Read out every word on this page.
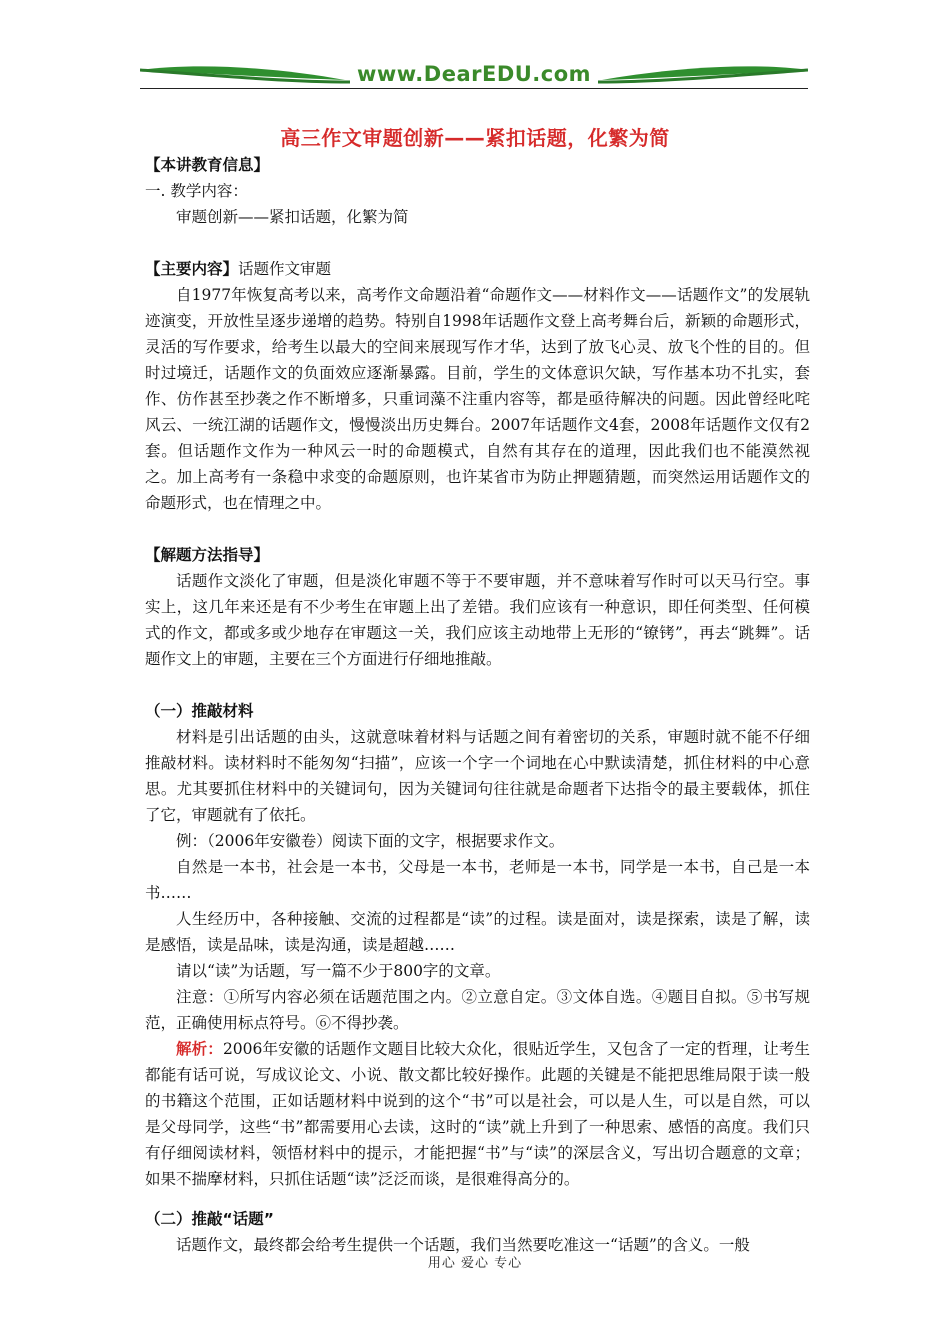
www.DearEDU.com
高三作文审题创新——紧扣话题，化繁为简

【本讲教育信息】

一. 教学内容：

审题创新——紧扣话题，化繁为简

【主要内容】话题作文审题

自1977年恢复高考以来，高考作文命题沿着“命题作文——材料作文——话题作文”的发展轨迹演变，开放性呈逐步递增的趋势。特别自1998年话题作文登上高考舞台后，新颖的命题形式，灵活的写作要求，给考生以最大的空间来展现写作才华，达到了放飞心灵、放飞个性的目的。但时过境迁，话题作文的负面效应逐渐暴露。目前，学生的文体意识欠缺，写作基本功不扎实，套作、仿作甚至抄袭之作不断增多，只重词藻不注重内容等，都是亟待解决的问题。因此曾经叱咤风云、一统江湖的话题作文，慢慢淡出历史舞台。2007年话题作文4套，2008年话题作文仅有2套。但话题作文作为一种风云一时的命题模式，自然有其存在的道理，因此我们也不能漠然视之。加上高考有一条稳中求变的命题原则，也许某省市为防止押题猜题，而突然运用话题作文的命题形式，也在情理之中。

【解题方法指导】

话题作文淡化了审题，但是淡化审题不等于不要审题，并不意味着写作时可以天马行空。事实上，这几年来还是有不少考生在审题上出了差错。我们应该有一种意识，即任何类型、任何模式的作文，都或多或少地存在审题这一关，我们应该主动地带上无形的“镣铐”，再去“跳舞”。话题作文上的审题，主要在三个方面进行仔细地推敲。

（一）推敲材料

材料是引出话题的由头，这就意味着材料与话题之间有着密切的关系，审题时就不能不仔细推敲材料。读材料时不能匆匆“扫描”，应该一个字一个词地在心中默读清楚，抓住材料的中心意思。尤其要抓住材料中的关键词句，因为关键词句往往就是命题者下达指令的最主要载体，抓住了它，审题就有了依托。

例：（2006年安徽卷）阅读下面的文字，根据要求作文。

自然是一本书，社会是一本书，父母是一本书，老师是一本书，同学是一本书，自己是一本书……

人生经历中，各种接触、交流的过程都是“读”的过程。读是面对，读是探索，读是了解，读是感悟，读是品味，读是沟通，读是超越……

请以“读”为话题，写一篇不少于800字的文章。

注意：①所写内容必须在话题范围之内。②立意自定。③文体自选。④题目自拟。⑤书写规范，正确使用标点符号。⑥不得抄袭。

解析：2006年安徽的话题作文题目比较大众化，很贴近学生，又包含了一定的哲理，让考生都能有话可说，写成议论文、小说、散文都比较好操作。此题的关键是不能把思维局限于读一般的书籍这个范围，正如话题材料中说到的这个“书”可以是社会，可以是人生，可以是自然，可以是父母同学，这些“书”都需要用心去读，这时的“读”就上升到了一种思索、感悟的高度。我们只有仔细阅读材料，领悟材料中的提示，才能把握“书”与“读”的深层含义，写出切合题意的文章；如果不揣摩材料，只抓住话题“读”泛泛而谈，是很难得高分的。

（二）推敲“话题”

话题作文，最终都会给考生提供一个话题，我们当然要吃准这一“话题”的含义。一般

用心 爱心 专心
